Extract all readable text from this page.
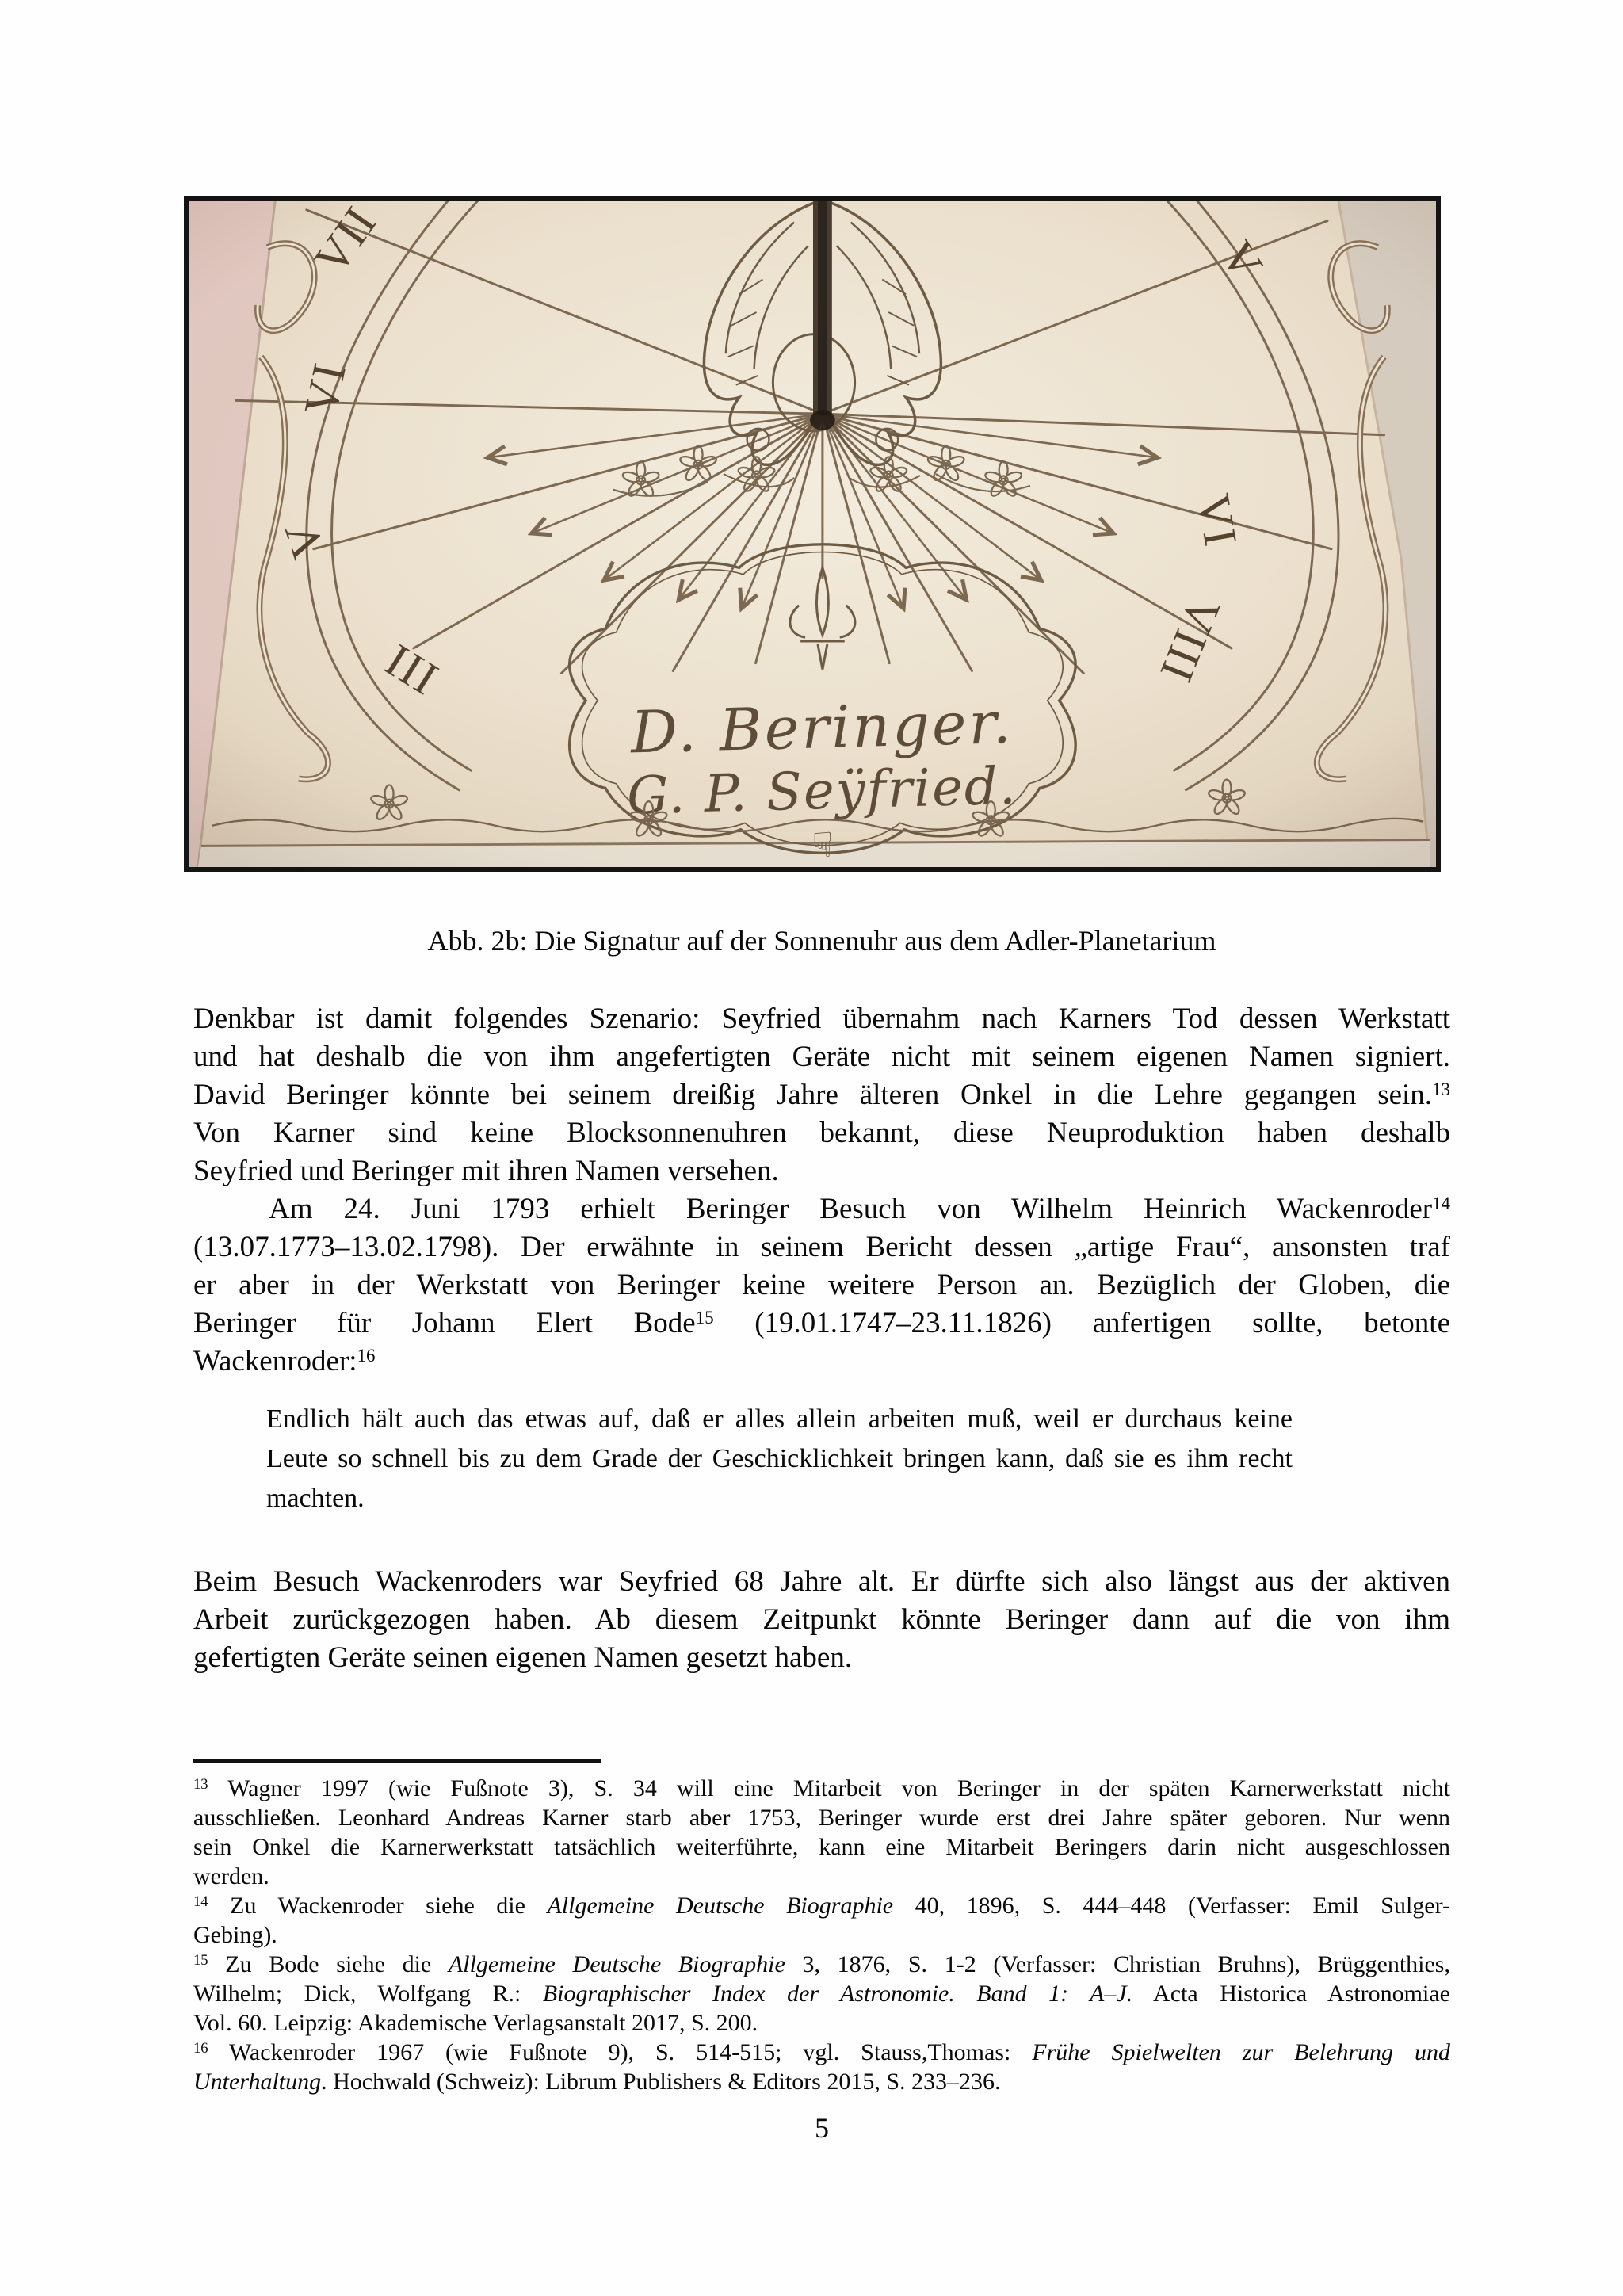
Abb. 2b: Die Signatur auf der Sonnenuhr aus dem Adler-Planetarium
Denkbar ist damit folgendes Szenario: Seyfried übernahm nach Karners Tod dessen Werkstatt
und hat deshalb die von ihm angefertigten Geräte nicht mit seinem eigenen Namen signiert.
David Beringer könnte bei seinem dreißig Jahre älteren Onkel in die Lehre gegangen sein.$^{13}$
Von Karner sind keine Blocksonnenuhren bekannt, diese Neuproduktion haben deshalb
Seyfried und Beringer mit ihren Namen versehen.
Am 24. Juni 1793 erhielt Beringer Besuch von Wilhelm Heinrich Wackenroder$^{14}$
(13.07.1773–13.02.1798). Der erwähnte in seinem Bericht dessen „artige Frau“, ansonsten traf
er aber in der Werkstatt von Beringer keine weitere Person an. Bezüglich der Globen, die
Beringer für Johann Elert Bode$^{15}$ (19.01.1747–23.11.1826) anfertigen sollte, betonte
Wackenroder:$^{16}$
Endlich hält auch das etwas auf, daß er alles allein arbeiten muß, weil er durchaus keine
Leute so schnell bis zu dem Grade der Geschicklichkeit bringen kann, daß sie es ihm recht
machten.
Beim Besuch Wackenroders war Seyfried 68 Jahre alt. Er dürfte sich also längst aus der aktiven
Arbeit zurückgezogen haben. Ab diesem Zeitpunkt könnte Beringer dann auf die von ihm
gefertigten Geräte seinen eigenen Namen gesetzt haben.
$^{13}$ Wagner 1997 (wie Fußnote 3), S. 34 will eine Mitarbeit von Beringer in der späten Karnerwerkstatt nicht
ausschließen. Leonhard Andreas Karner starb aber 1753, Beringer wurde erst drei Jahre später geboren. Nur wenn
sein Onkel die Karnerwerkstatt tatsächlich weiterführte, kann eine Mitarbeit Beringers darin nicht ausgeschlossen
werden.
$^{14}$ Zu Wackenroder siehe die Allgemeine Deutsche Biographie 40, 1896, S. 444–448 (Verfasser: Emil Sulger-
Gebing).
$^{15}$ Zu Bode siehe die Allgemeine Deutsche Biographie 3, 1876, S. 1-2 (Verfasser: Christian Bruhns), Brüggenthies,
Wilhelm; Dick, Wolfgang R.: Biographischer Index der Astronomie. Band 1: A–J. Acta Historica Astronomiae
Vol. 60. Leipzig: Akademische Verlagsanstalt 2017, S. 200.
$^{16}$ Wackenroder 1967 (wie Fußnote 9), S. 514-515; vgl. Stauss,Thomas: Frühe Spielwelten zur Belehrung und
Unterhaltung. Hochwald (Schweiz): Librum Publishers & Editors 2015, S. 233–236.
5
